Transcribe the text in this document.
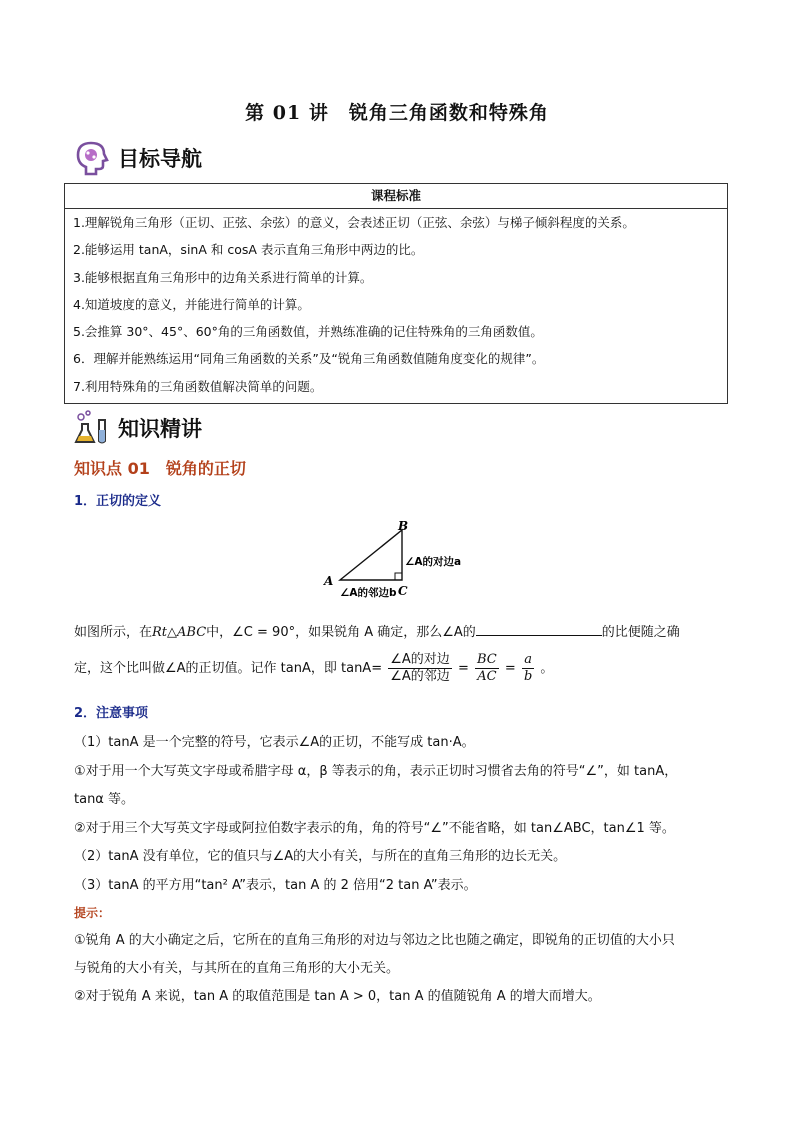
第 01 讲　锐角三角函数和特殊角
目标导航
课程标准
1.理解锐角三角形（正切、正弦、余弦）的意义，会表述正切（正弦、余弦）与梯子倾斜程度的关系。
2.能够运用 tanA，sinA 和 cosA 表示直角三角形中两边的比。
3.能够根据直角三角形中的边角关系进行简单的计算。
4.知道坡度的意义，并能进行简单的计算。
5.会推算 30°、45°、60°角的三角函数值，并熟练准确的记住特殊角的三角函数值。
6．理解并能熟练运用“同角三角函数的关系”及“锐角三角函数值随角度变化的规律”。
7.利用特殊角的三角函数值解决简单的问题。
知识精讲
知识点 01　锐角的正切
1．正切的定义
B
A
C
∠A的对边a
∠A的邻边b
如图所示，在Rt△ABC中，∠C = 90°，如果锐角 A 确定，那么∠A的	的比便随之确
定，这个比叫做∠A的正切值。记作 tanA，即 $\tan A= \frac{\text{∠A的对边}}{\text{∠A的邻边}} = \frac{BC}{AC} = \frac{a}{b}$ 。
2．注意事项
（1）tanA 是一个完整的符号，它表示∠A的正切，不能写成 tan·A。
①对于用一个大写英文字母或希腊字母 α，β 等表示的角，表示正切时习惯省去角的符号“∠”，如 tanA，
tanα 等。
②对于用三个大写英文字母或阿拉伯数字表示的角，角的符号“∠”不能省略，如 tan∠ABC，tan∠1 等。
（2）tanA 没有单位，它的值只与∠A的大小有关，与所在的直角三角形的边长无关。
（3）tanA 的平方用“tan² A”表示，tan A 的 2 倍用“2 tan A”表示。
提示：
①锐角 A 的大小确定之后，它所在的直角三角形的对边与邻边之比也随之确定，即锐角的正切值的大小只
与锐角的大小有关，与其所在的直角三角形的大小无关。
②对于锐角 A 来说，tan A 的取值范围是 tan A > 0，tan A 的值随锐角 A 的增大而增大。
